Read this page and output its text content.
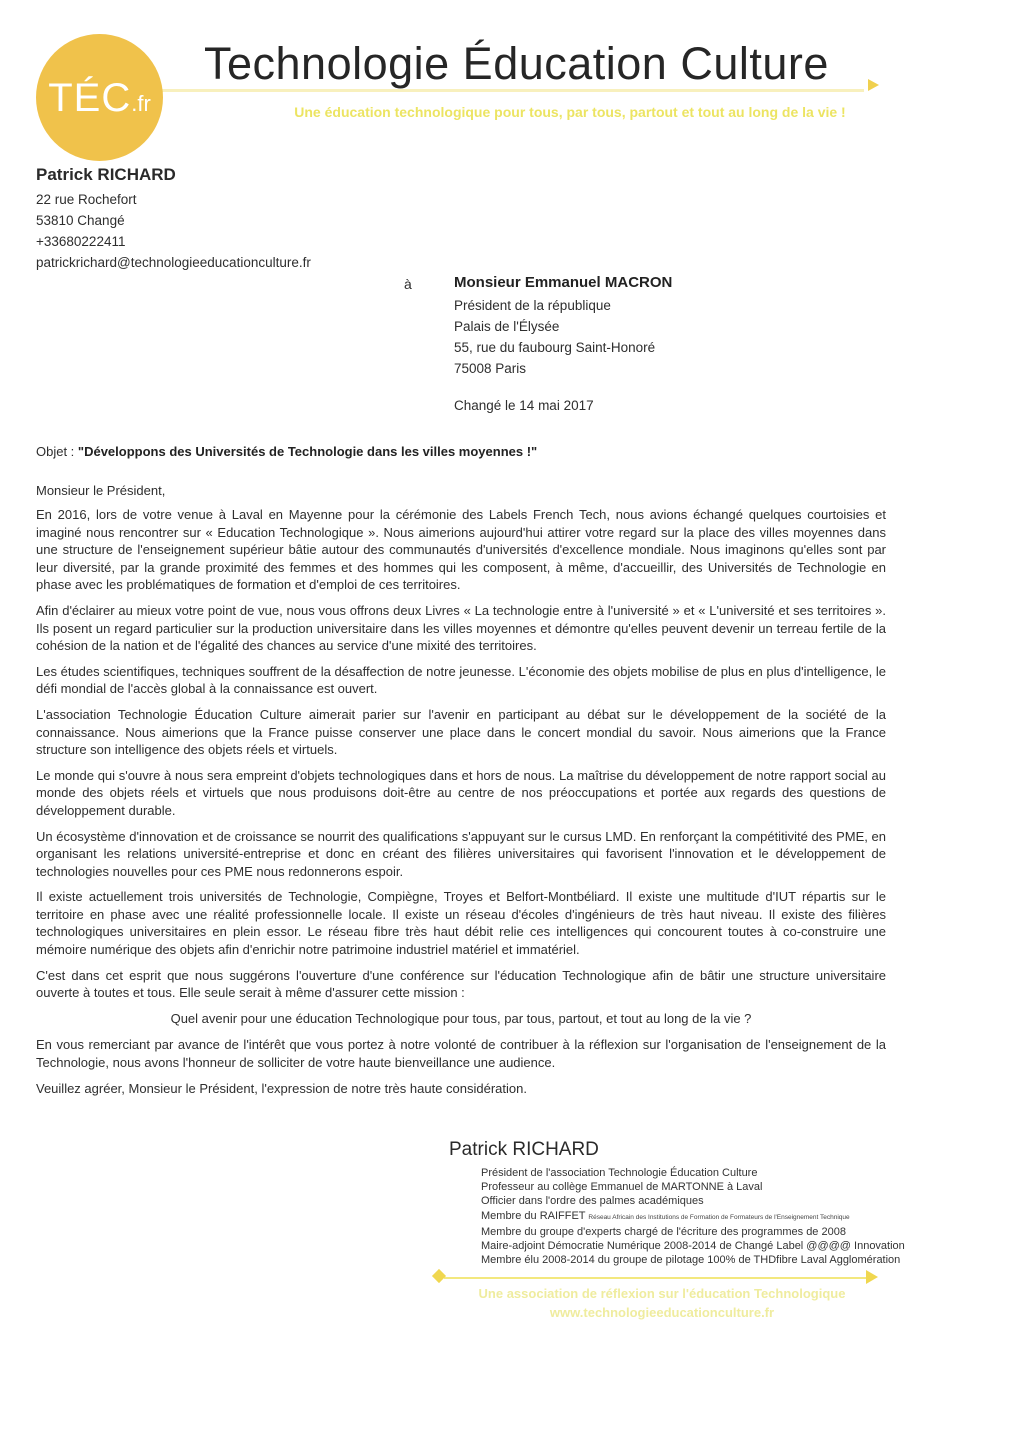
TÉC.fr
Technologie Éducation Culture
Une éducation technologique pour tous, par tous, partout et tout au long de la vie !
Patrick RICHARD
22 rue Rochefort
53810 Changé
+33680222411
patrickrichard@technologieeducationculture.fr
à	Monsieur Emmanuel MACRON
Président de la république
Palais de l'Élysée
55, rue du faubourg Saint-Honoré
75008 Paris
Changé le 14 mai 2017
Objet : "Développons des Universités de Technologie dans les villes moyennes !"
Monsieur le Président,

En 2016, lors de votre venue à Laval en Mayenne pour la cérémonie des Labels French Tech, nous avions échangé quelques courtoisies et imaginé nous rencontrer sur « Education Technologique ». Nous aimerions aujourd'hui attirer votre regard sur la place des villes moyennes dans une structure de l'enseignement supérieur bâtie autour des communautés d'universités d'excellence mondiale. Nous imaginons qu'elles sont par leur diversité, par la grande proximité des femmes et des hommes qui les composent, à même, d'accueillir, des Universités de Technologie en phase avec les problématiques de formation et d'emploi de ces territoires.

Afin d'éclairer au mieux votre point de vue, nous vous offrons deux Livres « La technologie entre à l'université » et « L'université et ses territoires ». Ils posent un regard particulier sur la production universitaire dans les villes moyennes et démontre qu'elles peuvent devenir un terreau fertile de la cohésion de la nation et de l'égalité des chances au service d'une mixité des territoires.

Les études scientifiques, techniques souffrent de la désaffection de notre jeunesse. L'économie des objets mobilise de plus en plus d'intelligence, le défi mondial de l'accès global à la connaissance est ouvert.

L'association Technologie Éducation Culture aimerait parier sur l'avenir en participant au débat sur le développement de la société de la connaissance. Nous aimerions que la France puisse conserver une place dans le concert mondial du savoir. Nous aimerions que la France structure son intelligence des objets réels et virtuels.

Le monde qui s'ouvre à nous sera empreint d'objets technologiques dans et hors de nous. La maîtrise du développement de notre rapport social au monde des objets réels et virtuels que nous produisons doit-être au centre de nos préoccupations et portée aux regards des questions de développement durable.

Un écosystème d'innovation et de croissance se nourrit des qualifications s'appuyant sur le cursus LMD. En renforçant la compétitivité des PME, en organisant les relations université-entreprise et donc en créant des filières universitaires qui favorisent l'innovation et le développement de technologies nouvelles pour ces PME nous redonnerons espoir.

Il existe actuellement trois universités de Technologie, Compiègne, Troyes et Belfort-Montbéliard. Il existe une multitude d'IUT répartis sur le territoire en phase avec une réalité professionnelle locale. Il existe un réseau d'écoles d'ingénieurs de très haut niveau. Il existe des filières technologiques universitaires en plein essor. Le réseau fibre très haut débit relie ces intelligences qui concourent toutes à co-construire une mémoire numérique des objets afin d'enrichir notre patrimoine industriel matériel et immatériel.

C'est dans cet esprit que nous suggérons l'ouverture d'une conférence sur l'éducation Technologique afin de bâtir une structure universitaire ouverte à toutes et tous. Elle seule serait à même d'assurer cette mission :

Quel avenir pour une éducation Technologique pour tous, par tous, partout, et tout au long de la vie ?

En vous remerciant par avance de l'intérêt que vous portez à notre volonté de contribuer à la réflexion sur l'organisation de l'enseignement de la Technologie, nous avons l'honneur de solliciter de votre haute bienveillance une audience.

Veuillez agréer, Monsieur le Président, l'expression de notre très haute considération.

Patrick RICHARD
Président de l'association Technologie Éducation Culture
Professeur au collège Emmanuel de MARTONNE à Laval
Officier dans l'ordre des palmes académiques
Membre du RAIFFET Réseau Africain des Institutions de Formation de Formateurs de l'Enseignement Technique
Membre du groupe d'experts chargé de l'écriture des programmes de 2008
Maire-adjoint Démocratie Numérique 2008-2014 de Changé Label @@@@ Innovation
Membre élu 2008-2014 du groupe de pilotage 100% de THDfibre Laval Agglomération
Une association de réflexion sur l'éducation Technologique
www.technologieeducationculture.fr
